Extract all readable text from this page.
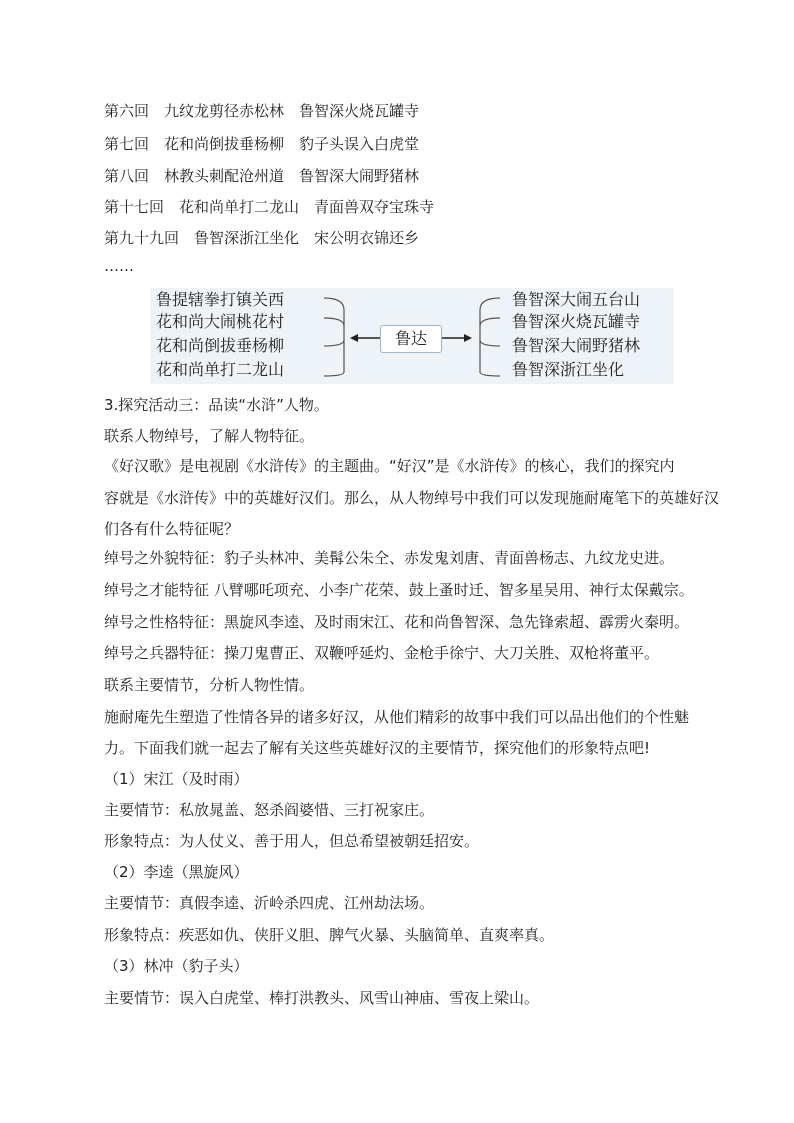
第六回　九纹龙剪径赤松林　鲁智深火烧瓦罐寺
第七回　花和尚倒拔垂杨柳　豹子头误入白虎堂
第八回　林教头刺配沧州道　鲁智深大闹野猪林
第十七回　花和尚单打二龙山　青面兽双夺宝珠寺
第九十九回　鲁智深浙江坐化　宋公明衣锦还乡
……
鲁提辖拳打镇关西
花和尚大闹桃花村
花和尚倒拔垂杨柳
花和尚单打二龙山
鲁达
鲁智深大闹五台山
鲁智深火烧瓦罐寺
鲁智深大闹野猪林
鲁智深浙江坐化
3.探究活动三：品读“水浒”人物。
联系人物绰号，了解人物特征。
《好汉歌》是电视剧《水浒传》的主题曲。“好汉”是《水浒传》的核心，我们的探究内
容就是《水浒传》中的英雄好汉们。那么，从人物绰号中我们可以发现施耐庵笔下的英雄好汉
们各有什么特征呢？
绰号之外貌特征：豹子头林冲、美髯公朱仝、赤发鬼刘唐、青面兽杨志、九纹龙史进。
绰号之才能特征 八臂哪吒项充、小李广花荣、鼓上蚤时迁、智多星吴用、神行太保戴宗。
绰号之性格特征：黑旋风李逵、及时雨宋江、花和尚鲁智深、急先锋索超、霹雳火秦明。
绰号之兵器特征：操刀鬼曹正、双鞭呼延灼、金枪手徐宁、大刀关胜、双枪将董平。
联系主要情节，分析人物性情。
施耐庵先生塑造了性情各异的诸多好汉，从他们精彩的故事中我们可以品出他们的个性魅
力。下面我们就一起去了解有关这些英雄好汉的主要情节，探究他们的形象特点吧!
（1）宋江（及时雨）
主要情节：私放晁盖、怒杀阎婆惜、三打祝家庄。
形象特点：为人仗义、善于用人，但总希望被朝廷招安。
（2）李逵（黑旋风）
主要情节：真假李逵、沂岭杀四虎、江州劫法场。
形象特点：疾恶如仇、侠肝义胆、脾气火暴、头脑简单、直爽率真。
（3）林冲（豹子头）
主要情节：误入白虎堂、棒打洪教头、风雪山神庙、雪夜上梁山。
